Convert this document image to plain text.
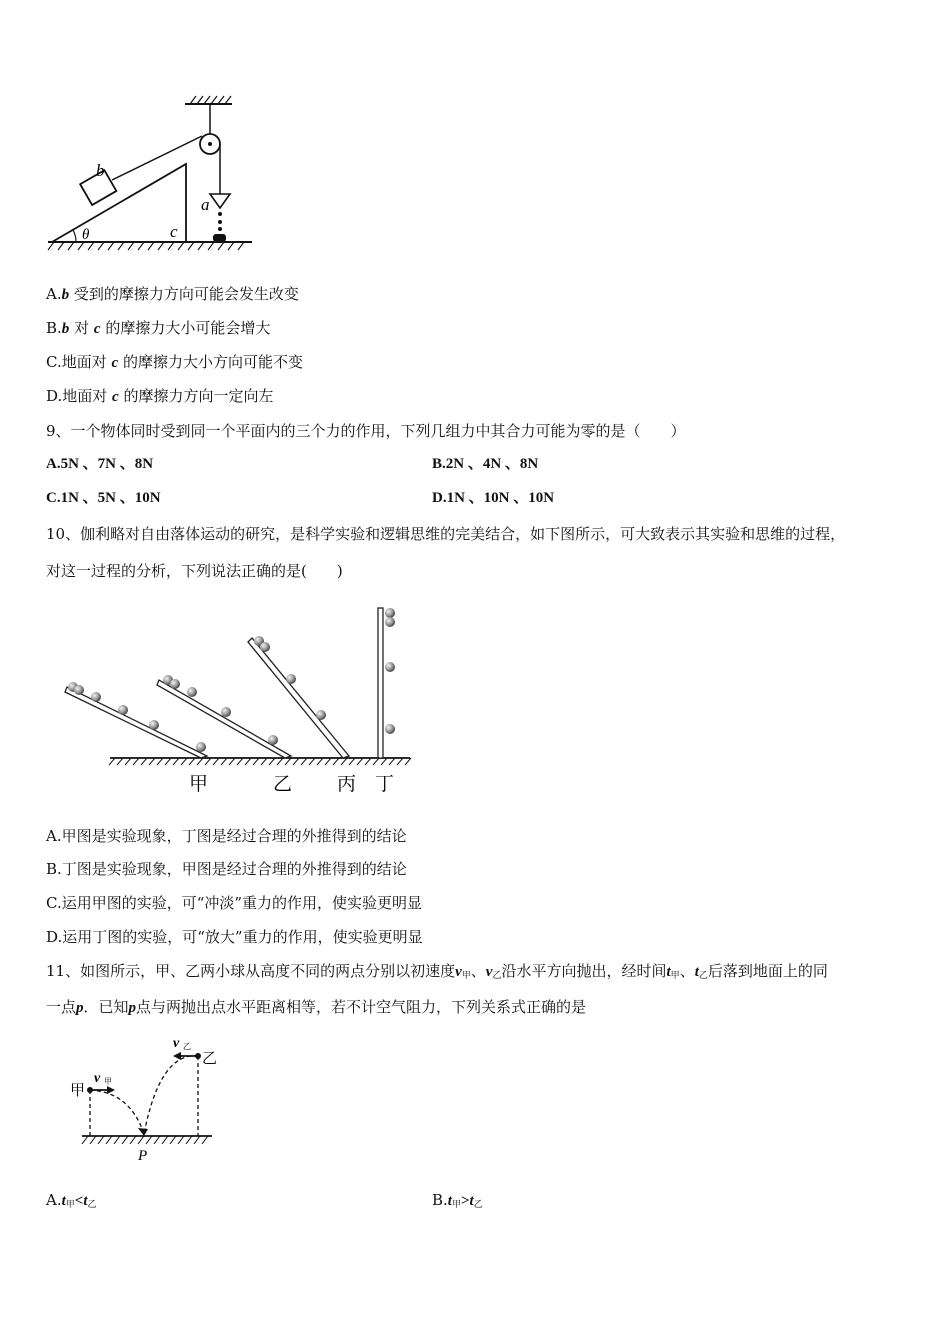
b
a
c
θ
A.b 受到的摩擦力方向可能会发生改变
B.b 对 c 的摩擦力大小可能会增大
C.地面对 c 的摩擦力大小方向可能不变
D.地面对 c 的摩擦力方向一定向左
9、一个物体同时受到同一个平面内的三个力的作用，下列几组力中其合力可能为零的是（　　）
A.5N 、7N 、8N	B.2N 、4N 、8N
C.1N 、5N 、10N	D.1N 、10N 、10N
10、伽利略对自由落体运动的研究，是科学实验和逻辑思维的完美结合，如下图所示，可大致表示其实验和思维的过程，
对这一过程的分析，下列说法正确的是(　　)
甲	乙 丙 丁
A.甲图是实验现象，丁图是经过合理的外推得到的结论
B.丁图是实验现象，甲图是经过合理的外推得到的结论
C.运用甲图的实验，可“冲淡”重力的作用，使实验更明显
D.运用丁图的实验，可“放大”重力的作用，使实验更明显
11、如图所示，甲、乙两小球从高度不同的两点分别以初速度$v_甲$、$v_乙$沿水平方向抛出，经时间$t_甲$、$t_乙$后落到地面上的同
一点p．已知p点与两抛出点水平距离相等，若不计空气阻力，下列关系式正确的是
甲
乙
v 甲
v 乙
P
$A.t_甲<t_乙$	$B.t_甲>t_乙$
